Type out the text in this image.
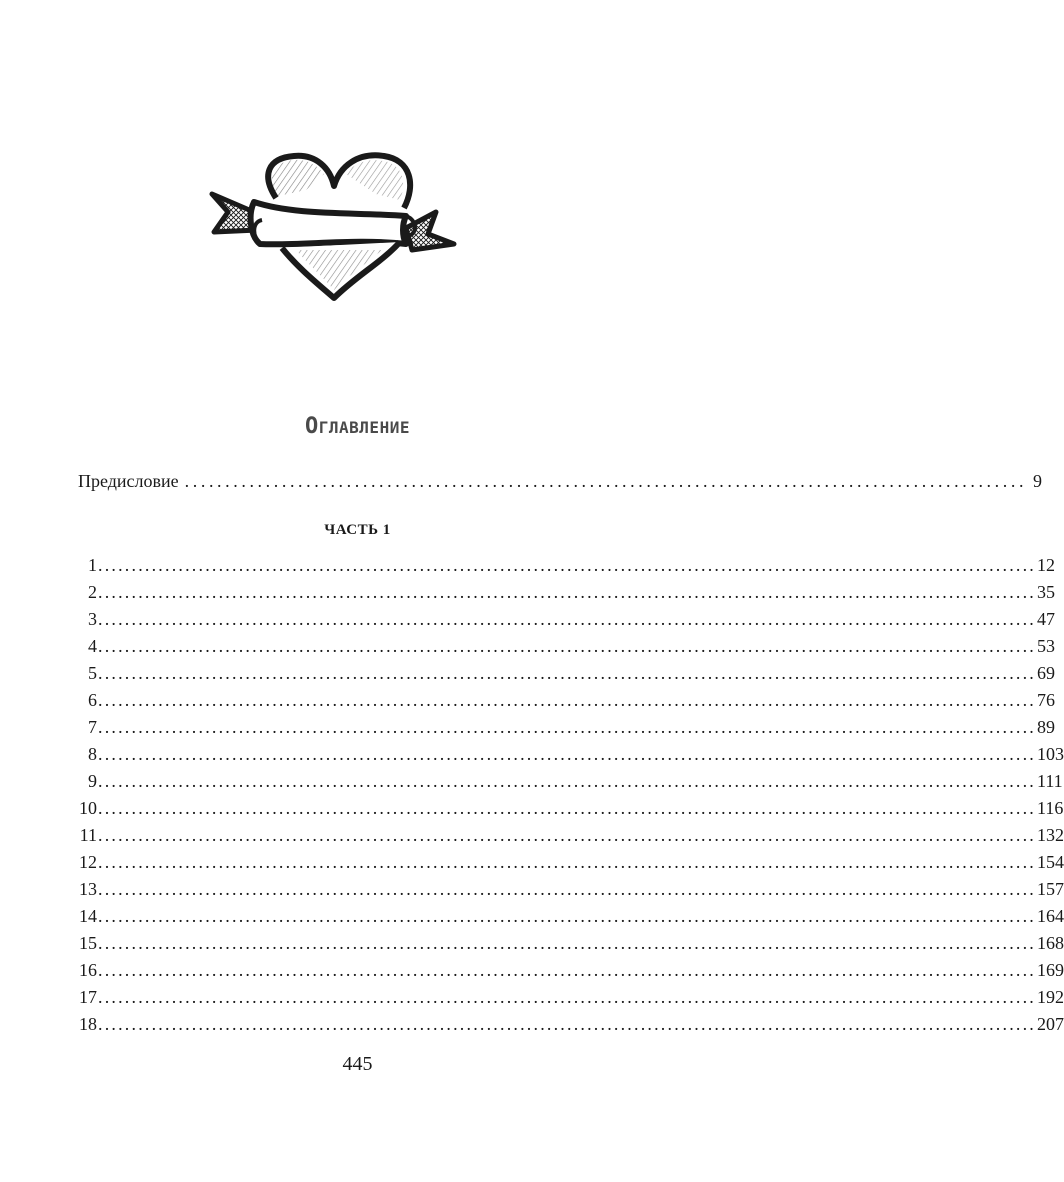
ОГЛАВЛЕНИЕ
Предисловие ........................................................................................................ 9
ЧАСТЬ 1
1 ............................................................................................................................................ 12
2 ............................................................................................................................................ 35
3 ............................................................................................................................................ 47
4 ............................................................................................................................................ 53
5 ............................................................................................................................................ 69
6 ............................................................................................................................................ 76
7 ............................................................................................................................................ 89
8 ............................................................................................................................................ 103
9 ............................................................................................................................................ 111
10 ............................................................................................................................................ 116
11 ............................................................................................................................................ 132
12 ............................................................................................................................................ 154
13 ............................................................................................................................................ 157
14 ............................................................................................................................................ 164
15 ............................................................................................................................................ 168
16 ............................................................................................................................................ 169
17 ............................................................................................................................................ 192
18 ............................................................................................................................................ 207
445
